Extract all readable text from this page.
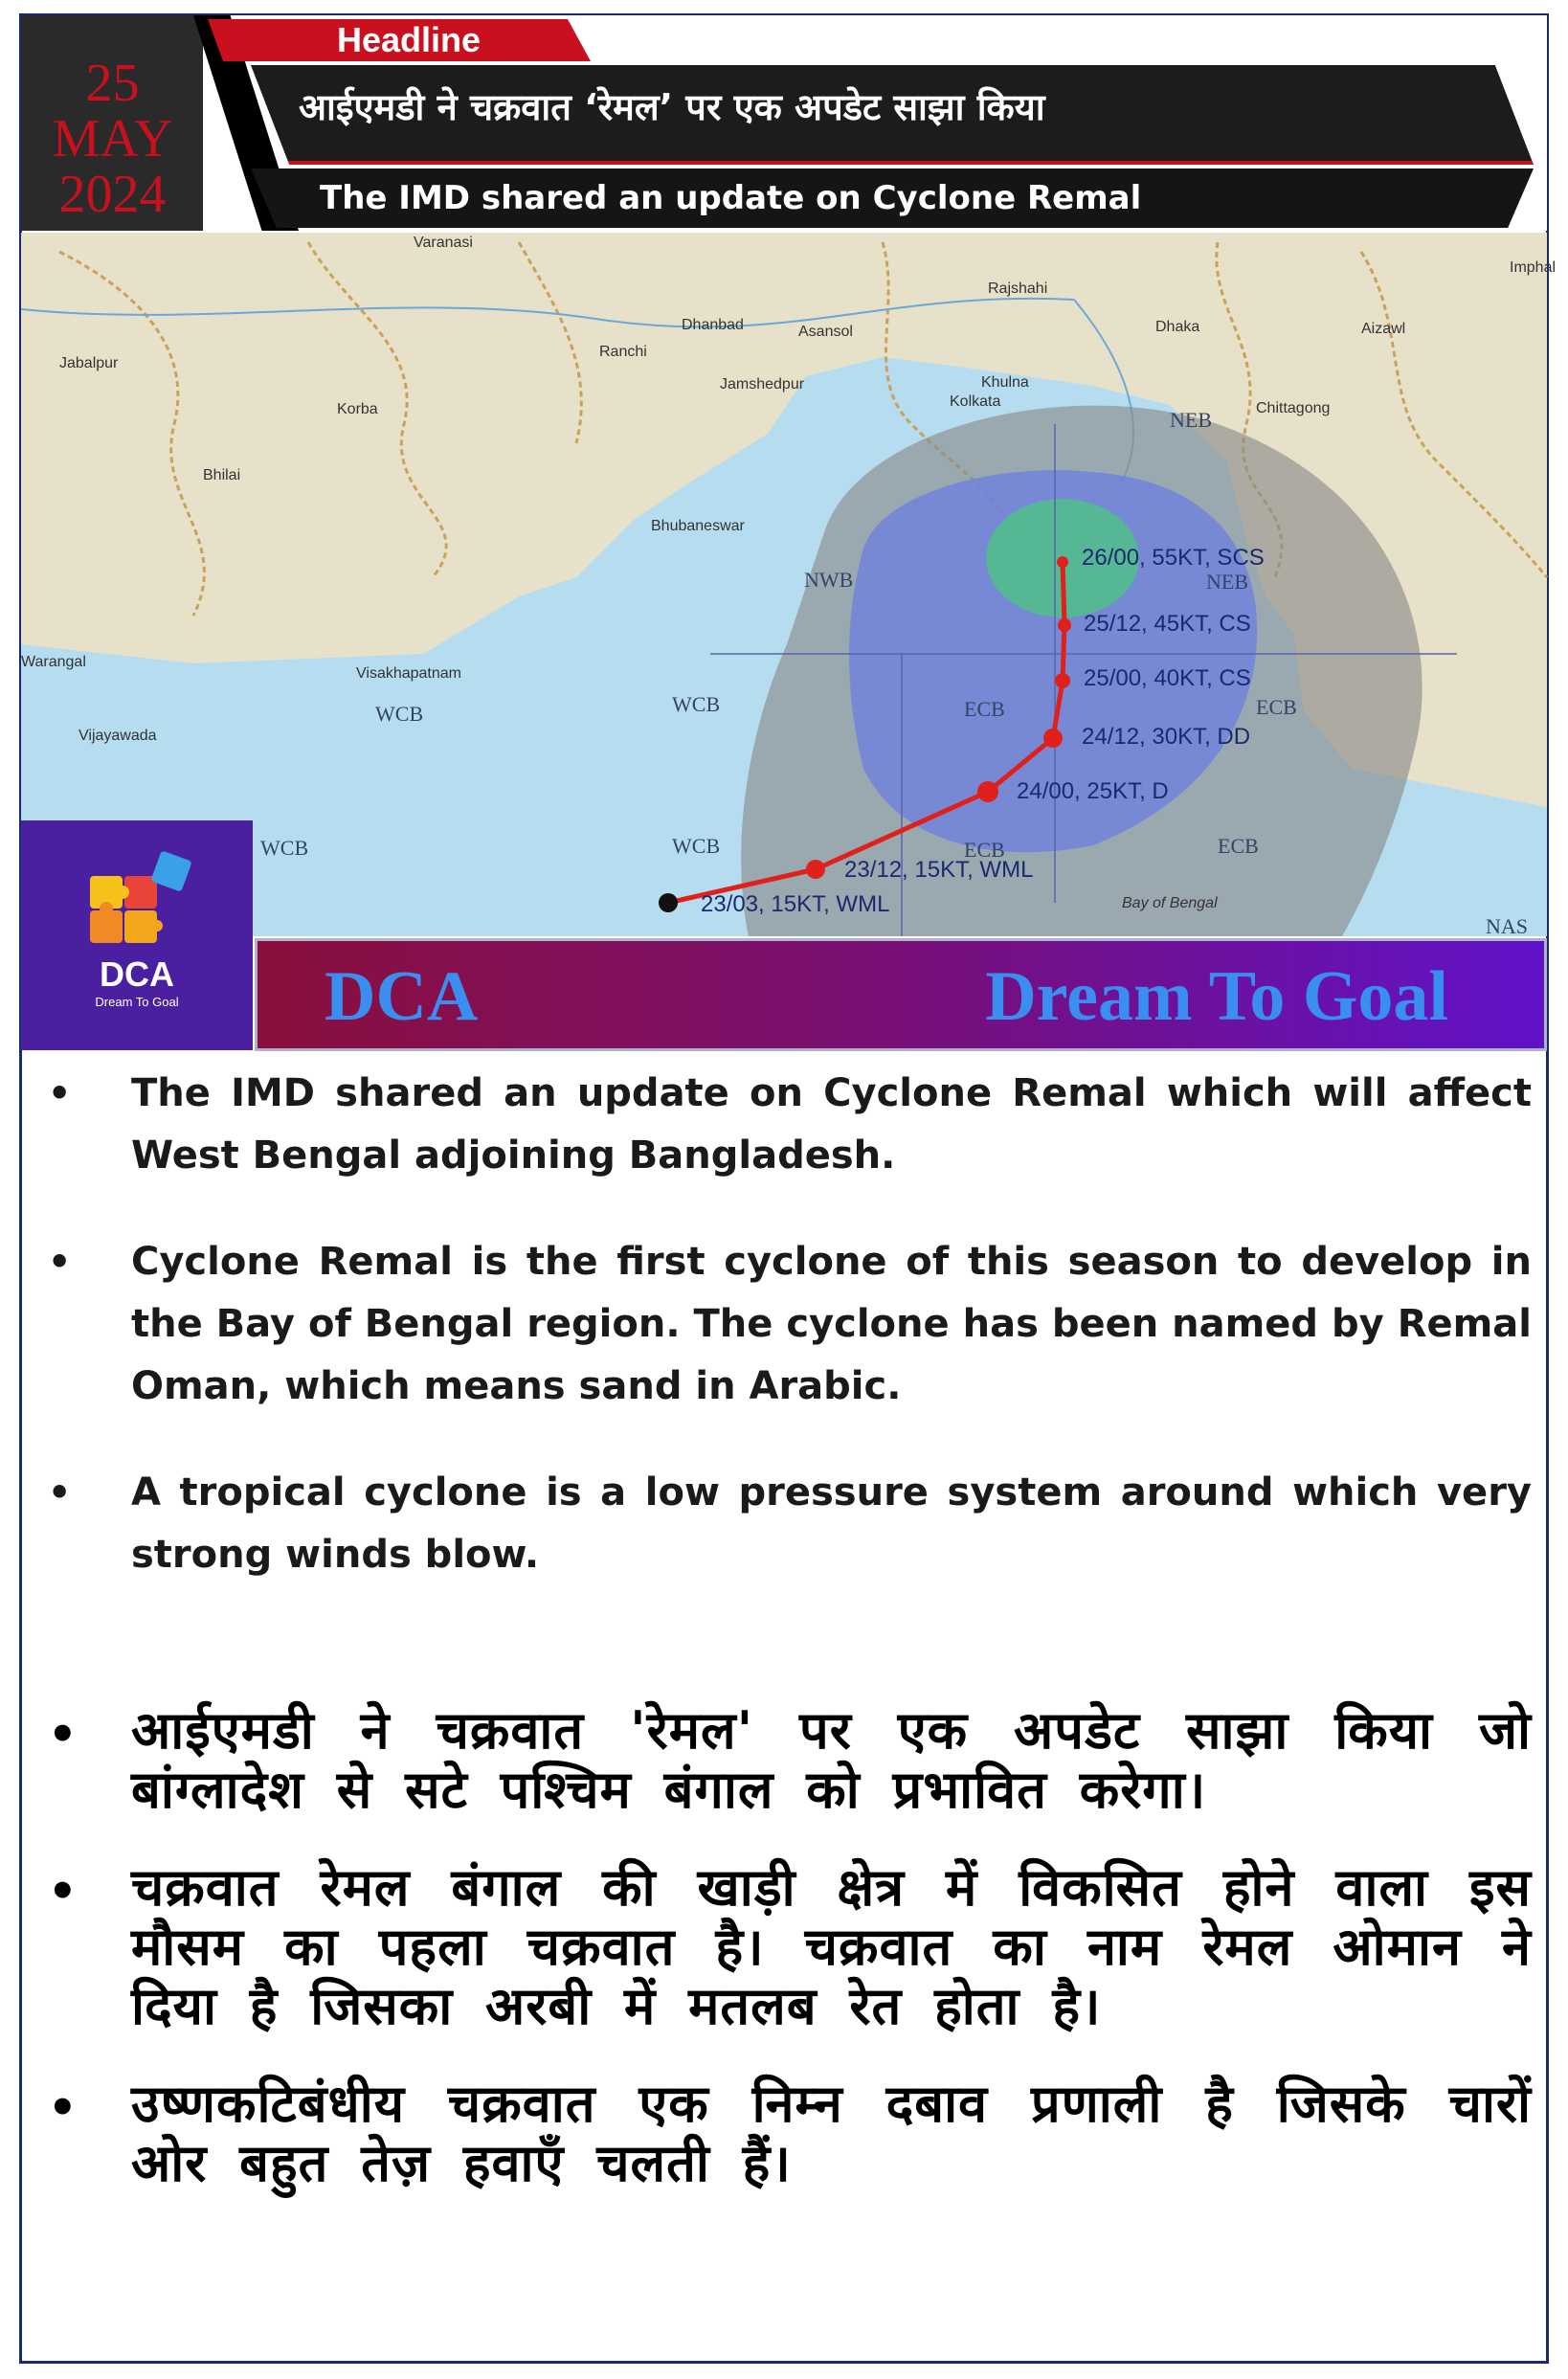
25
MAY
2024
Headline
आईएमडी ने चक्रवात ‘रेमल’ पर एक अपडेट साझा किया
The IMD shared an update on Cyclone Remal
Varanasi
Rajshahi
Imphal
Dhanbad	Asansol	Dhaka	Aizawl
Jabalpur
Ranchi
Jamshedpur	Khulna
Kolkata	Chittagong
Korba
Bhilai
Bhubaneswar
Warangal
Visakhapatnam
Vijayawada
Bay of Bengal
WCB	WCB
WCB	WCB
NWB
NEB
NEB
ECB	ECB
ECB	ECB
NAS
26/00, 55KT, SCS
25/12, 45KT, CS
25/00, 40KT, CS
24/12, 30KT, DD
24/00, 25KT, D
23/12, 15KT, WML
23/03, 15KT, WML
DCA
Dream To Goal	DCA	Dream To Goal

• The IMD shared an update on Cyclone Remal which will affect West Bengal adjoining Bangladesh.

• Cyclone Remal is the first cyclone of this season to develop in the Bay of Bengal region. The cyclone has been named by Remal Oman, which means sand in Arabic.

• A tropical cyclone is a low pressure system around which very strong winds blow.

• आईएमडी ने चक्रवात 'रेमल' पर एक अपडेट साझा किया जो बांग्लादेश से सटे पश्चिम बंगाल को प्रभावित करेगा।

• चक्रवात रेमल बंगाल की खाड़ी क्षेत्र में विकसित होने वाला इस मौसम का पहला चक्रवात है। चक्रवात का नाम रेमल ओमान ने दिया है जिसका अरबी में मतलब रेत होता है।

• उष्णकटिबंधीय चक्रवात एक निम्न दबाव प्रणाली है जिसके चारों ओर बहुत तेज़ हवाएँ चलती हैं।
